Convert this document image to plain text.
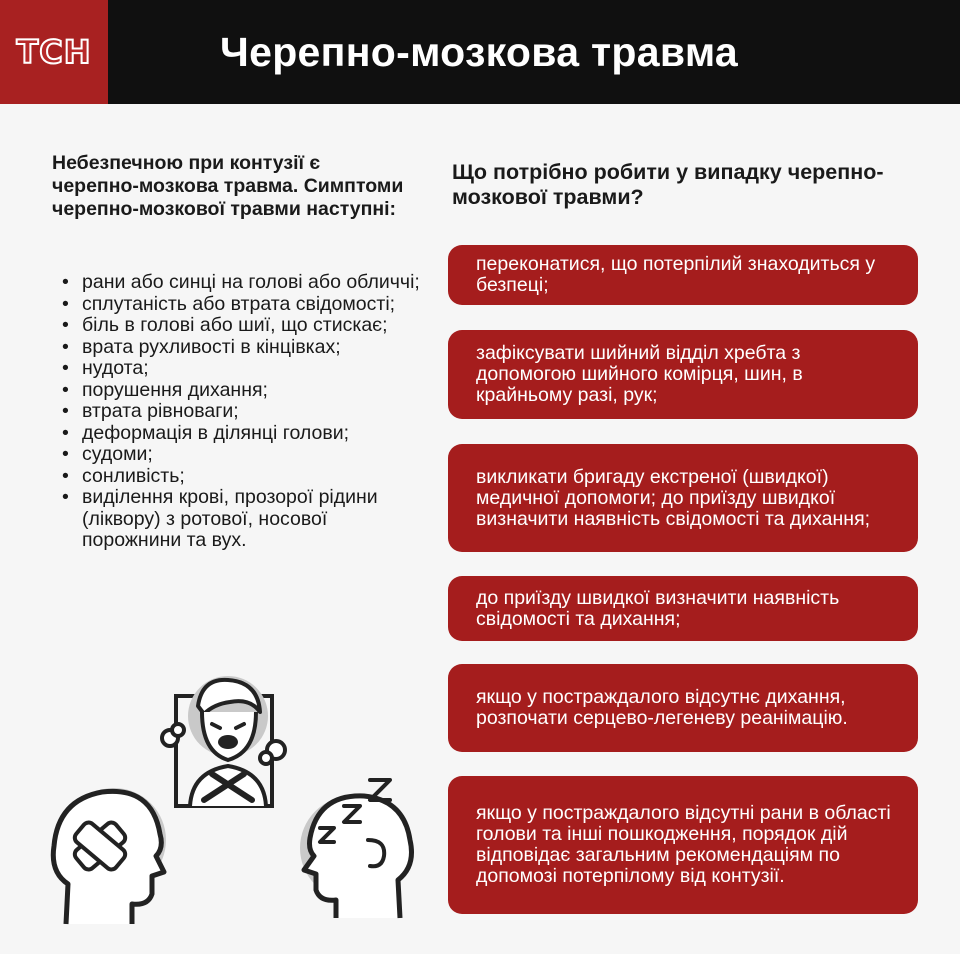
ТСН	Черепно-мозкова травма
Небезпечною при контузії є черепно-мозкова травма. Симптоми черепно-мозкової травми наступні:
• рани або синці на голові або обличчі;
• сплутаність або втрата свідомості;
• біль в голові або шиї, що стискає;
• врата рухливості в кінцівках;
• нудота;
• порушення дихання;
• втрата рівноваги;
• деформація в ділянці голови;
• судоми;
• сонливість;
• виділення крові, прозорої рідини (ліквору) з ротової, носової порожнини та вух.
Що потрібно робити у випадку черепно-мозкової травми?
переконатися, що потерпілий знаходиться у безпеці;
зафіксувати шийний відділ хребта з допомогою шийного комірця, шин, в крайньому разі, рук;
викликати бригаду екстреної (швидкої) медичної допомоги; до приїзду швидкої визначити наявність свідомості та дихання;
до приїзду швидкої визначити наявність свідомості та дихання;
якщо у постраждалого відсутнє дихання, розпочати серцево-легеневу реанімацію.
якщо у постраждалого відсутні рани в області голови та інші пошкодження, порядок дій відповідає загальним рекомендаціям по допомозі потерпілому від контузії.
